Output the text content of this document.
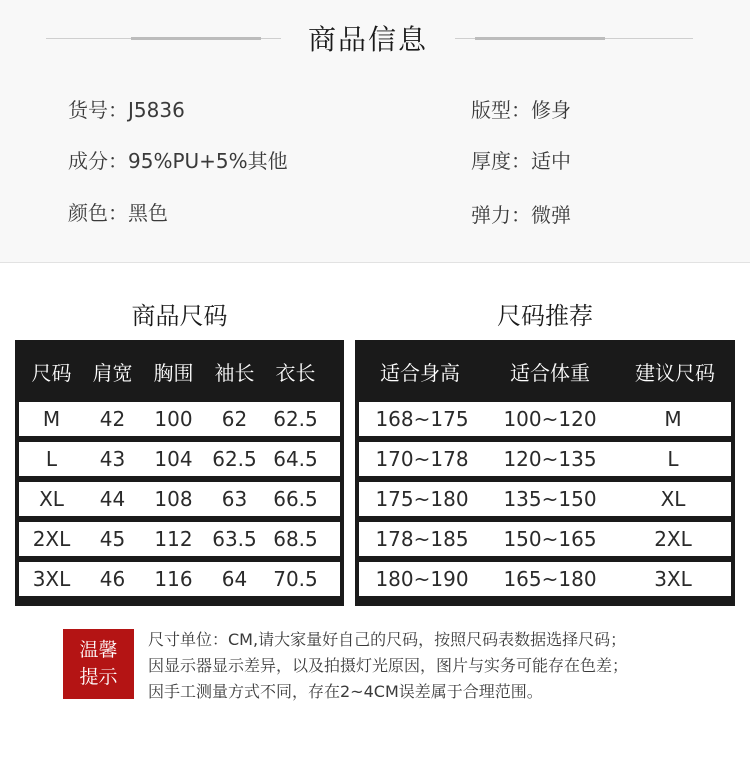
商品信息
货号：J5836
成分：95%PU+5%其他
颜色：黑色
版型：修身
厚度：适中
弹力：微弹
商品尺码	尺码推荐
尺码	肩宽	胸围	袖长	衣长
M	42	100	62	62.5
L	43	104 62.5 64.5
XL	44	108	63	66.5
2XL	45	112 63.5 68.5
3XL	46	116	64	70.5
适合身高	适合体重	建议尺码
168~175	100~120	M
170~178	120~135	L
175~180	135~150	XL
178~185	150~165	2XL
180~190	165~180	3XL
温馨
提示
尺寸单位：CM,请大家量好自己的尺码，按照尺码表数据选择尺码；
因显示器显示差异，以及拍摄灯光原因，图片与实务可能存在色差；
因手工测量方式不同，存在2~4CM误差属于合理范围。
